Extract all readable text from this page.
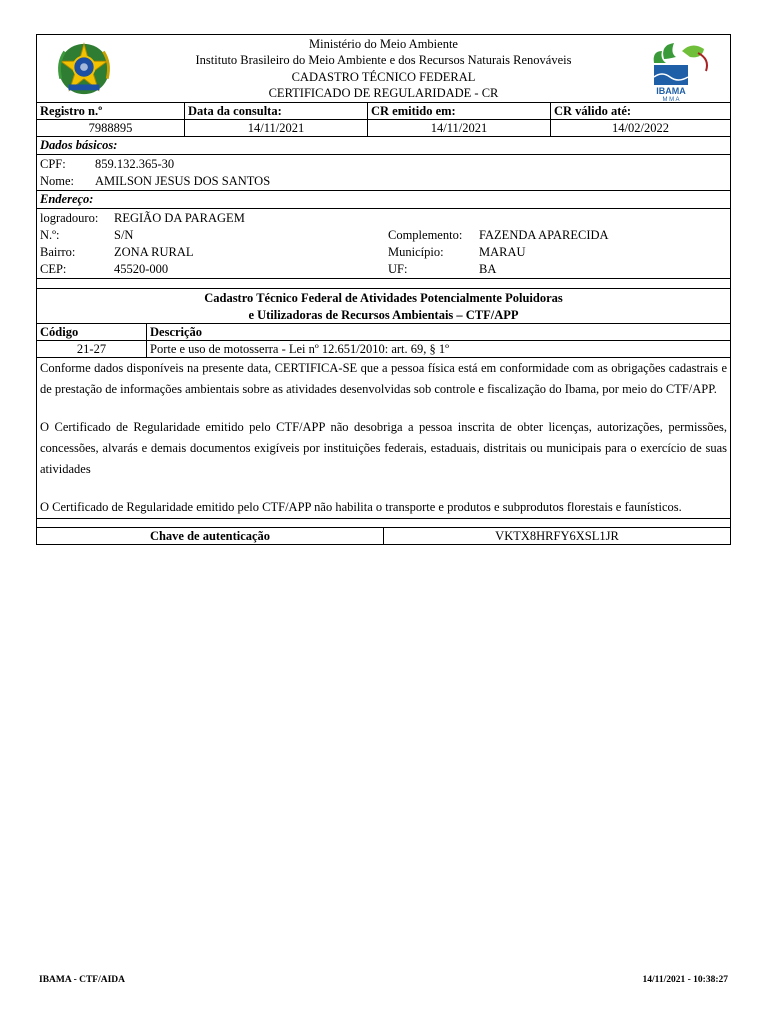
Ministério do Meio Ambiente
Instituto Brasileiro do Meio Ambiente e dos Recursos Naturais Renováveis
CADASTRO TÉCNICO FEDERAL
CERTIFICADO DE REGULARIDADE - CR	IBAMA
M M A
Registro n.º	Data da consulta:	CR emitido em:	CR válido até:
7988895	14/11/2021	14/11/2021	14/02/2022
Dados básicos:
CPF:	859.132.365-30
Nome:	AMILSON JESUS DOS SANTOS
Endereço:
logradouro:	REGIÃO DA PARAGEM
N.º:	S/N	Complemento:	FAZENDA APARECIDA
Bairro:	ZONA RURAL	Município:	MARAU
CEP:	45520-000	UF:	BA
Cadastro Técnico Federal de Atividades Potencialmente Poluidoras
e Utilizadoras de Recursos Ambientais – CTF/APP
Código	Descrição
21-27	Porte e uso de motosserra - Lei nº 12.651/2010: art. 69, § 1º
Conforme dados disponíveis na presente data, CERTIFICA-SE que a pessoa física está em conformidade com as obrigações cadastrais e de prestação de informações ambientais sobre as atividades desenvolvidas sob controle e fiscalização do Ibama, por meio do CTF/APP.
O Certificado de Regularidade emitido pelo CTF/APP não desobriga a pessoa inscrita de obter licenças, autorizações, permissões, concessões, alvarás e demais documentos exigíveis por instituições federais, estaduais, distritais ou municipais para o exercício de suas atividades
O Certificado de Regularidade emitido pelo CTF/APP não habilita o transporte e produtos e subprodutos florestais e faunísticos.
Chave de autenticação	VKTX8HRFY6XSL1JR
IBAMA - CTF/AIDA	14/11/2021 - 10:38:27
